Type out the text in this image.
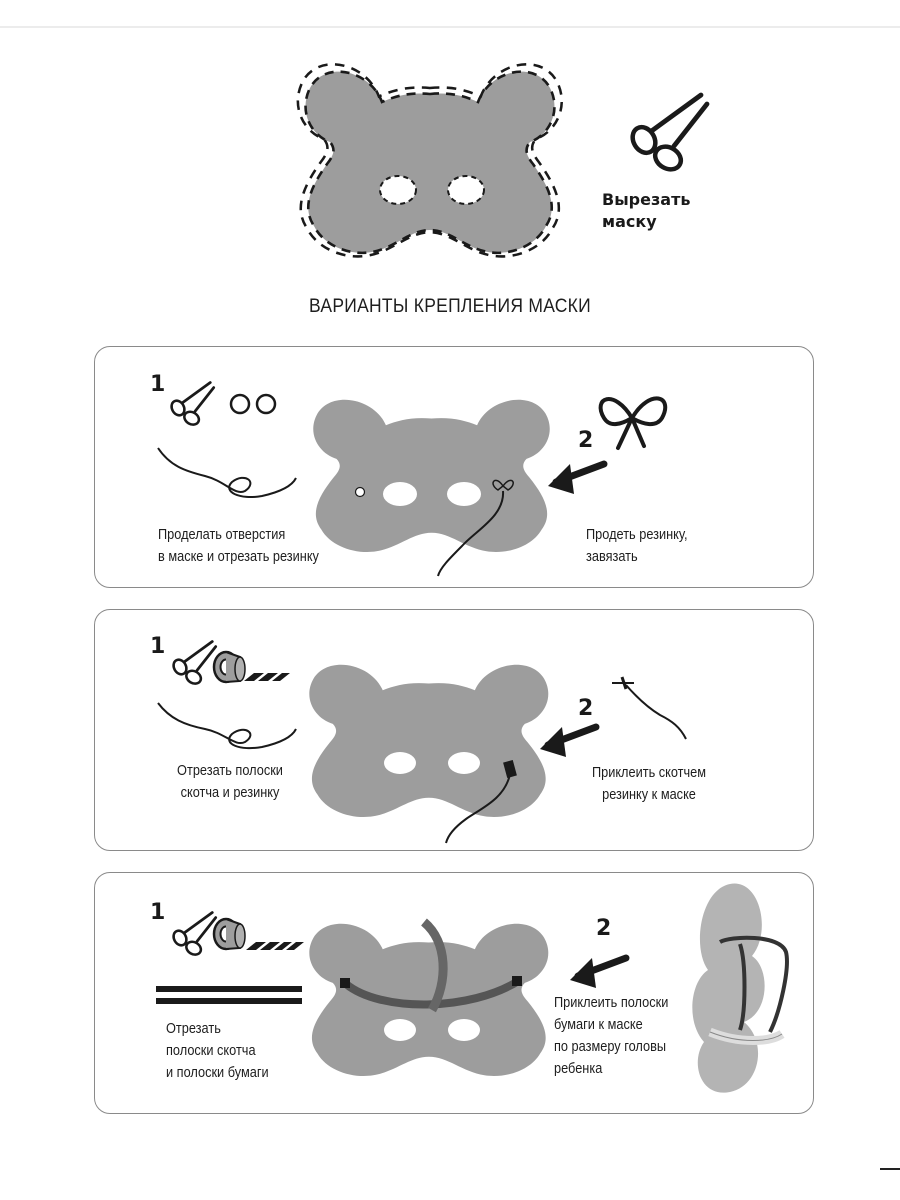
Вырезать
маску
ВАРИАНТЫ КРЕПЛЕНИЯ МАСКИ
1
2
Проделать отверстия
в маске и отрезать резинку
Продеть резинку,
завязать
1
2
Отрезать полоски
скотча и резинку
Приклеить скотчем
резинку к маске
1
2
Отрезать
полоски скотча
и полоски бумаги
Приклеить полоски
бумаги к маске
по размеру головы
ребенка
